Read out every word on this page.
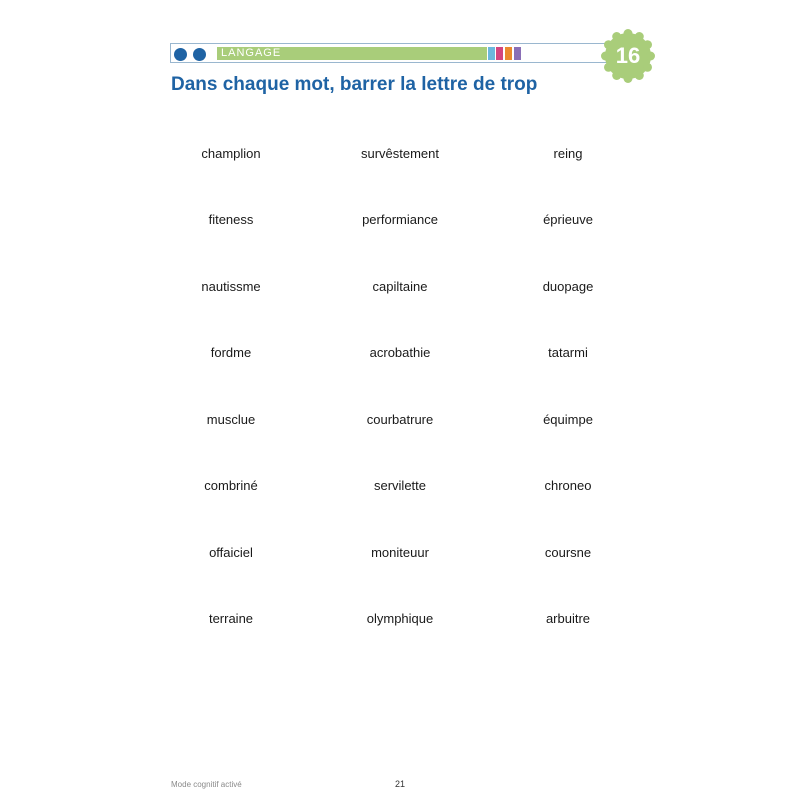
LANGAGE	16
Dans chaque mot, barrer la lettre de trop
champlion	survêstement	reing
fiteness	performiance	éprieuve
nautissme	capiltaine	duopage
fordme	acrobathie	tatarmi
musclue	courbatrure	équimpe
combriné	servilette	chroneo
offaiciel	moniteuur	coursne
terraine	olymphique	arbuitre
Mode cognitif activé	21
